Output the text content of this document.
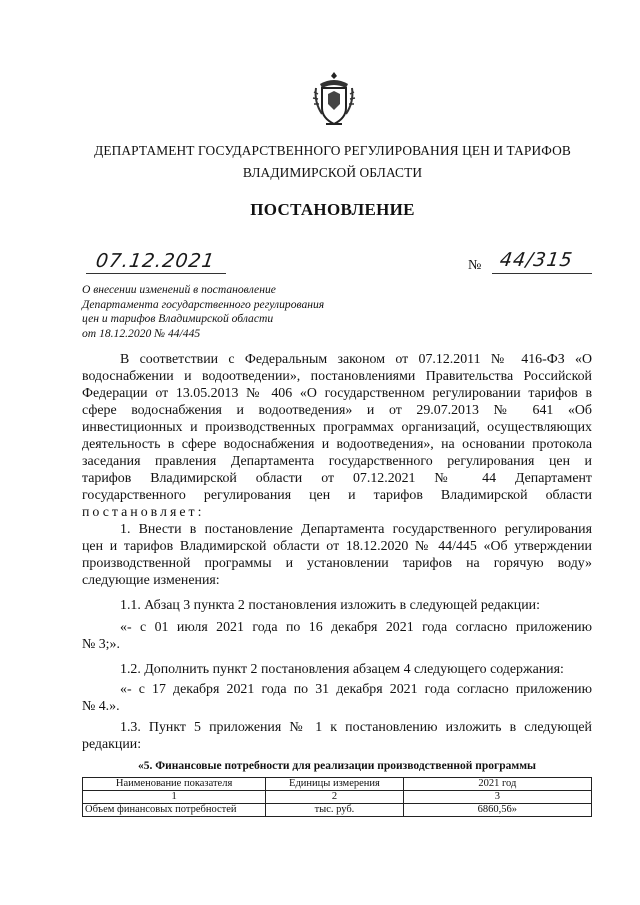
ДЕПАРТАМЕНТ ГОСУДАРСТВЕННОГО РЕГУЛИРОВАНИЯ ЦЕН И ТАРИФОВ
ВЛАДИМИРСКОЙ ОБЛАСТИ
ПОСТАНОВЛЕНИЕ
07.12.2021	№ 44/315
О внесении изменений в постановление
Департамента государственного регулирования
цен и тарифов Владимирской области
от 18.12.2020 № 44/445
В соответствии с Федеральным законом от 07.12.2011 № 416-ФЗ «О
водоснабжении и водоотведении», постановлениями Правительства Российской
Федерации от 13.05.2013 № 406 «О государственном регулировании тарифов в
сфере водоснабжения и водоотведения» и от 29.07.2013 № 641 «Об
инвестиционных и производственных программах организаций, осуществляющих
деятельность в сфере водоснабжения и водоотведения», на основании протокола
заседания правления Департамента государственного регулирования цен и
тарифов Владимирской области от 07.12.2021 № 44 Департамент
государственного регулирования цен и тарифов Владимирской области
постановляет:
1. Внести в постановление Департамента государственного регулирования
цен и тарифов Владимирской области от 18.12.2020 № 44/445 «Об утверждении
производственной программы и установлении тарифов на горячую воду»
следующие изменения:
1.1. Абзац 3 пункта 2 постановления изложить в следующей редакции:
«- с 01 июля 2021 года по 16 декабря 2021 года согласно приложению
№ 3;».
1.2. Дополнить пункт 2 постановления абзацем 4 следующего содержания:
«- с 17 декабря 2021 года по 31 декабря 2021 года согласно приложению
№ 4.».
1.3. Пункт 5 приложения № 1 к постановлению изложить в следующей
редакции:
«5. Финансовые потребности для реализации производственной программы
Наименование показателя	Единицы измерения	2021 год
1	2	3
Объем финансовых потребностей	тыс. руб.	6860,56»
